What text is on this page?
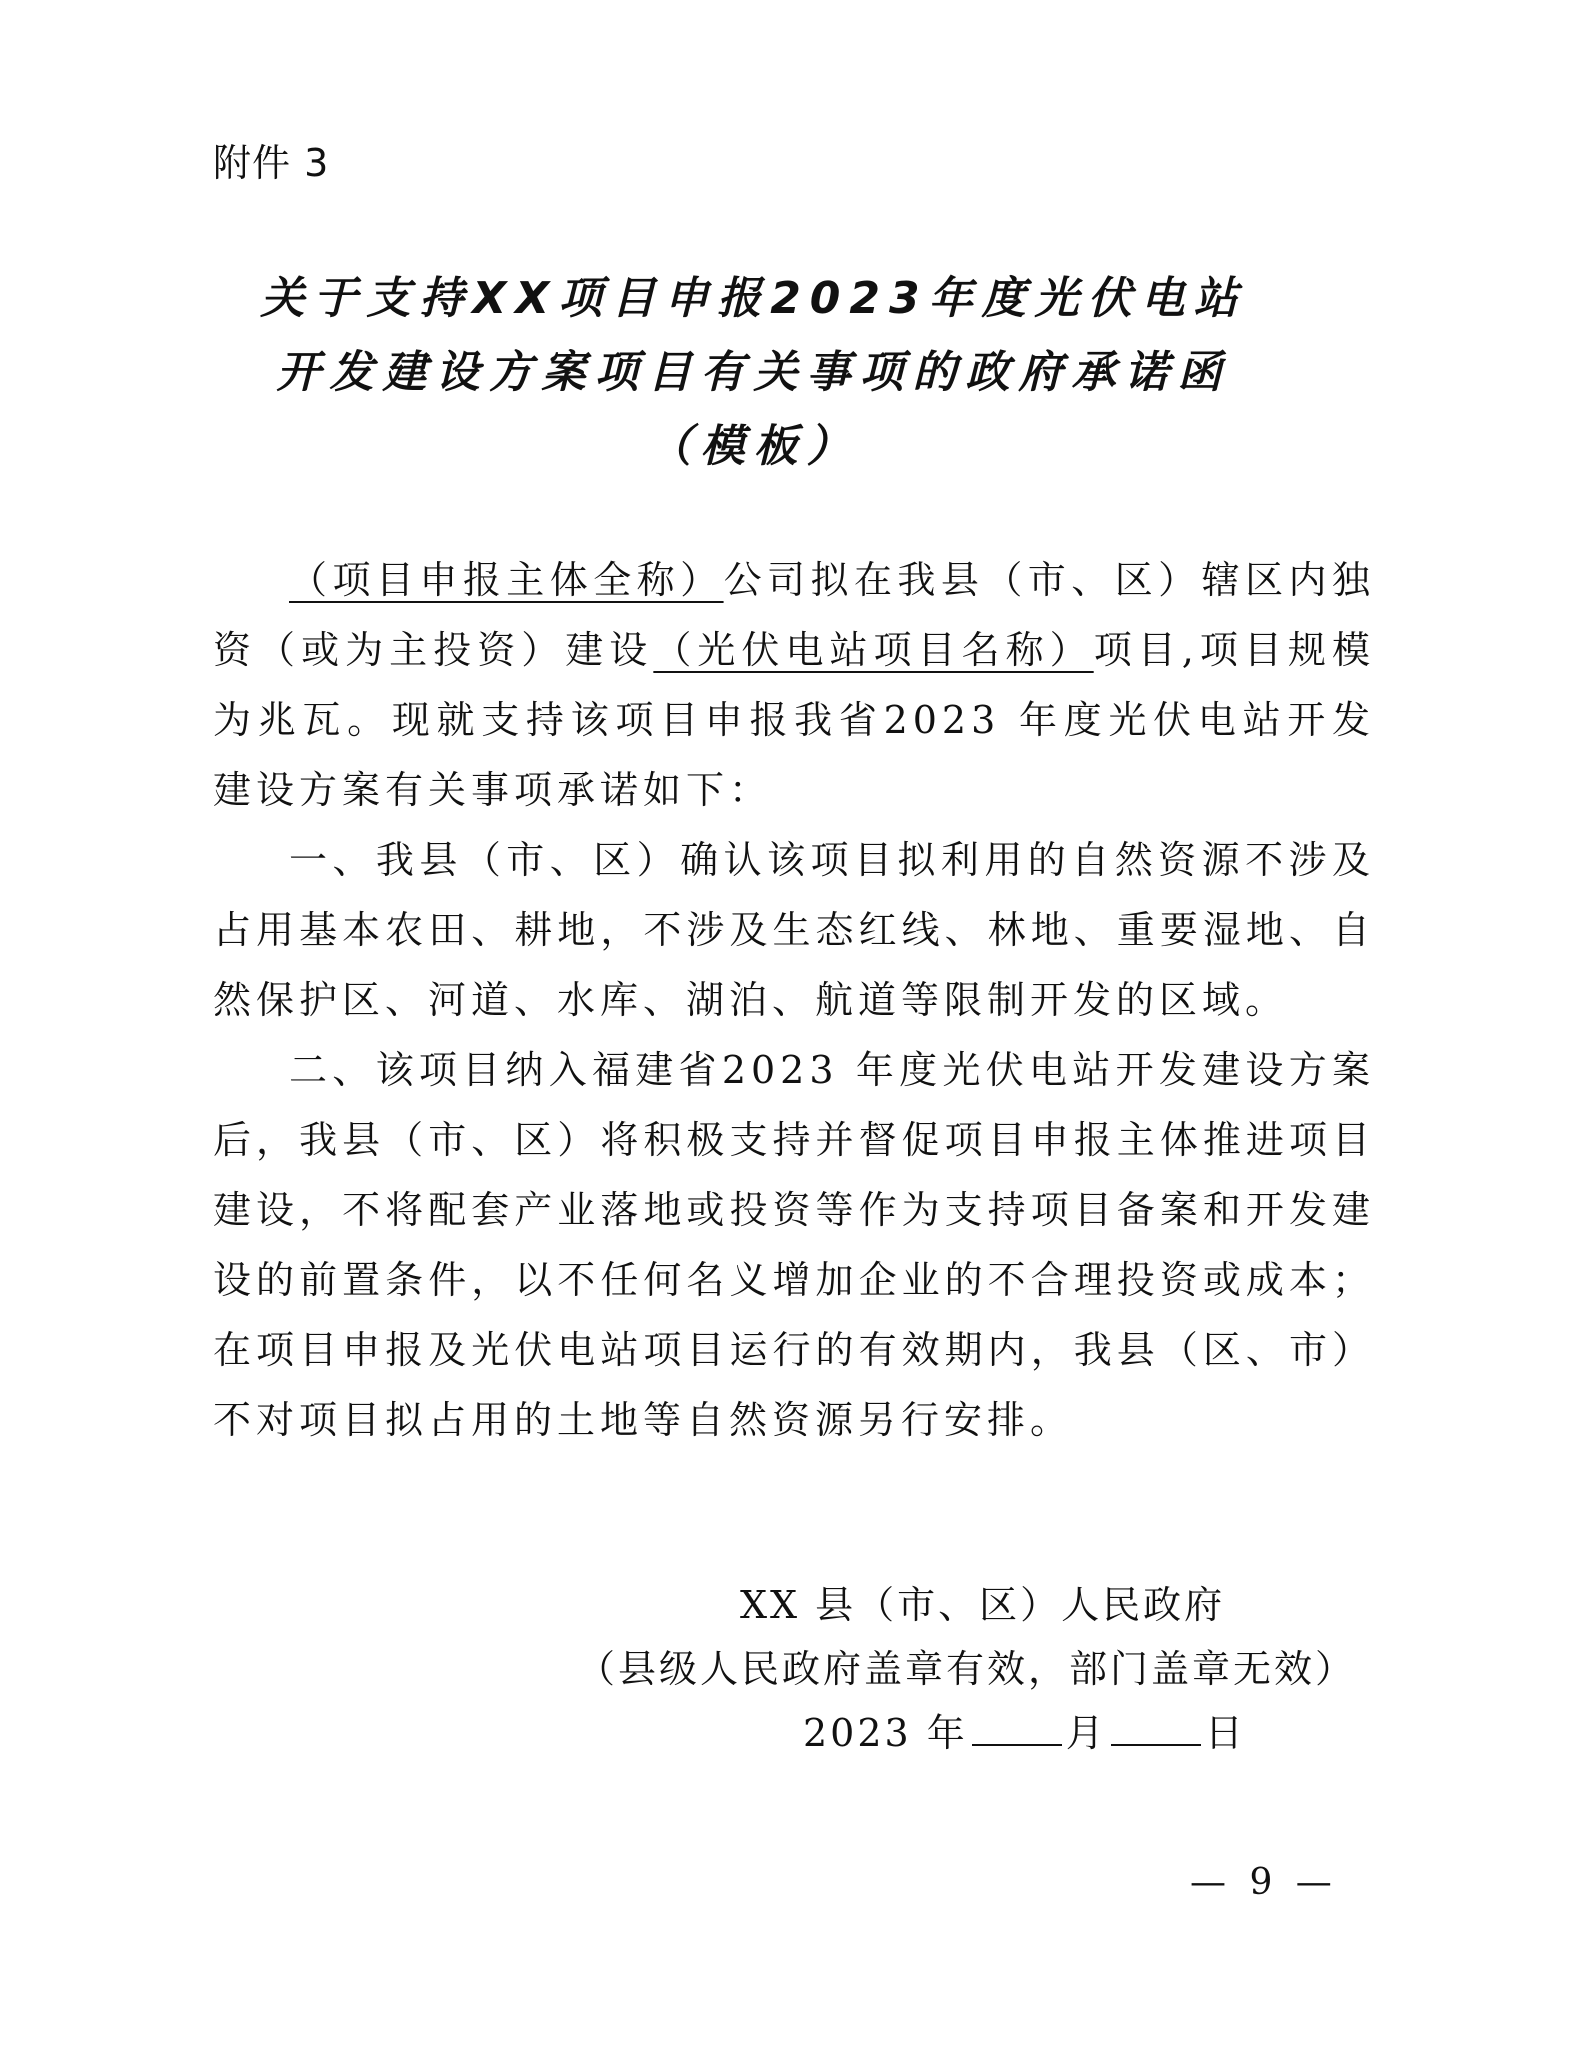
附件 3
关于支持XX项目申报2023年度光伏电站
开发建设方案项目有关事项的政府承诺函
（模板）

（项目申报主体全称）公司拟在我县（市、区）辖区内独资（或为主投资）建设（光伏电站项目名称）项目,项目规模为兆瓦。现就支持该项目申报我省2023 年度光伏电站开发建设方案有关事项承诺如下：

一、我县（市、区）确认该项目拟利用的自然资源不涉及占用基本农田、耕地，不涉及生态红线、林地、重要湿地、自然保护区、河道、水库、湖泊、航道等限制开发的区域。

二、该项目纳入福建省2023 年度光伏电站开发建设方案后，我县（市、区）将积极支持并督促项目申报主体推进项目建设，不将配套产业落地或投资等作为支持项目备案和开发建设的前置条件，以不任何名义增加企业的不合理投资或成本；在项目申报及光伏电站项目运行的有效期内，我县（区、市）不对项目拟占用的土地等自然资源另行安排。

XX 县（市、区）人民政府
（县级人民政府盖章有效，部门盖章无效）
2023 年	月	日
— 9 —
